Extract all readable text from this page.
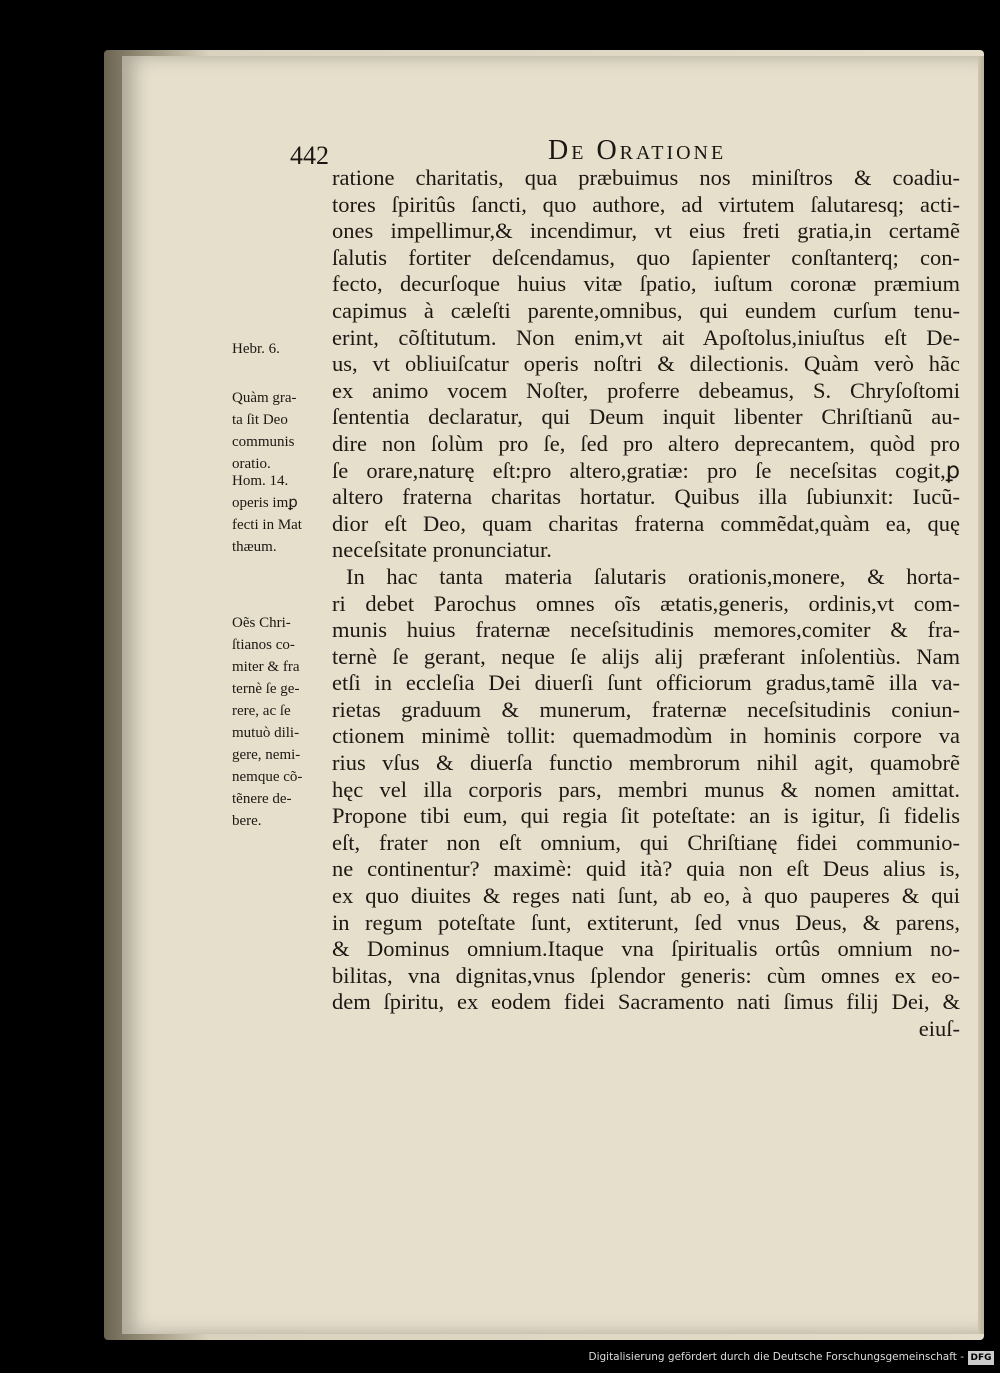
442	De Oratione
ratione charitatis, qua præbuimus nos miniſtros & coadiu-
tores ſpiritûs ſancti, quo authore, ad virtutem ſalutaresq; acti-
ones impellimur,& incendimur, vt eius freti gratia,in certamẽ
ſalutis fortiter deſcendamus, quo ſapienter conſtanterq; con-
fecto, decurſoque huius vitæ ſpatio, iuſtum coronæ præmium
capimus à cæleſti parente,omnibus, qui eundem curſum tenu-
erint, cõſtitutum. Non enim,vt ait Apoſtolus,iniuſtus eſt De-
us, vt obliuiſcatur operis noſtri & dilectionis. Quàm verò hãc
ex animo vocem Noſter, proferre debeamus, S. Chryſoſtomi
ſententia declaratur, qui Deum inquit libenter Chriſtianũ au-
dire non ſolùm pro ſe, ſed pro altero deprecantem, quòd pro
ſe orare,naturę eſt:pro altero,gratiæ: pro ſe neceſsitas cogit,ꝑ
altero fraterna charitas hortatur. Quibus illa ſubiunxit: Iucũ-
dior eſt Deo, quam charitas fraterna commẽdat,quàm ea, quę
neceſsitate pronunciatur.
In hac tanta materia ſalutaris orationis,monere, & horta-
ri debet Parochus omnes oĩs ætatis,generis, ordinis,vt com-
munis huius fraternæ neceſsitudinis memores,comiter & fra-
ternè ſe gerant, neque ſe alijs alij præferant inſolentiùs. Nam
etſi in eccleſia Dei diuerſi ſunt officiorum gradus,tamẽ illa va-
rietas graduum & munerum, fraternæ neceſsitudinis coniun-
ctionem minimè tollit: quemadmodùm in hominis corpore va
rius vſus & diuerſa functio membrorum nihil agit, quamobrẽ
hęc vel illa corporis pars, membri munus & nomen amittat.
Propone tibi eum, qui regia ſit poteſtate: an is igitur, ſi fidelis
eſt, frater non eſt omnium, qui Chriſtianę fidei communio-
ne continentur? maximè: quid ità? quia non eſt Deus alius is,
ex quo diuites & reges nati ſunt, ab eo, à quo pauperes & qui
in regum poteſtate ſunt, extiterunt, ſed vnus Deus, & parens,
& Dominus omnium.Itaque vna ſpiritualis ortûs omnium no-
bilitas, vna dignitas,vnus ſplendor generis: cùm omnes ex eo-
dem ſpiritu, ex eodem fidei Sacramento nati ſimus filij Dei, &
eiuſ-
Hebr. 6.
Quàm gra-
ta ſit Deo
communis
oratio.
Hom. 14.
operis imꝑ
fecti in Mat
thæum.
Oẽs Chri-
ſtianos co-
miter & fra
ternè ſe ge-
rere, ac ſe
mutuò dili-
gere, nemi-
nemque cõ-
tẽnere de-
bere.
Digitalisierung gefördert durch die Deutsche Forschungsgemeinschaft - DFG
